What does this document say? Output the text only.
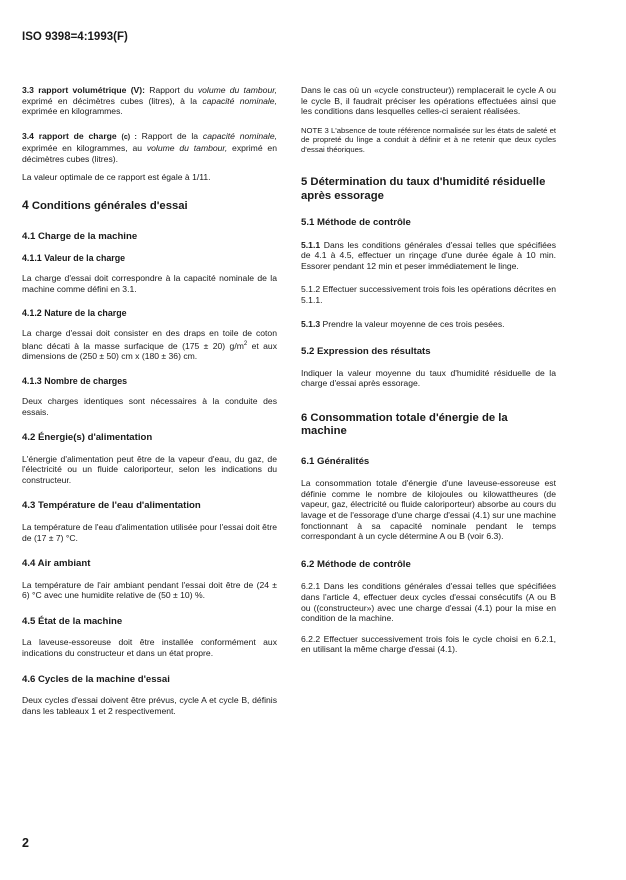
ISO 9398=4:1993(F)

3.3 rapport volumétrique (V): Rapport du volume du tambour, exprimé en décimètres cubes (litres), à la capacité nominale, exprimée en kilogrammes.

3.4 rapport de charge (c) : Rapport de la capacité nominale, exprimée en kilogrammes, au volume du tambour, exprimé en décimètres cubes (litres).

La valeur optimale de ce rapport est égale à 1/11.

4 Conditions générales d'essai
4.1 Charge de la machine
4.1.1 Valeur de la charge

La charge d'essai doit correspondre à la capacité nominale de la machine comme défini en 3.1.

4.1.2 Nature de la charge

La charge d'essai doit consister en des draps en toile de coton blanc décati à la masse surfacique de (175 ± 20) $g/m^2$ et aux dimensions de (250 ± 50) cm x (180 ± 36) cm.

4.1.3 Nombre de charges

Deux charges identiques sont nécessaires à la conduite des essais.

4.2 Énergie(s) d'alimentation

L'énergie d'alimentation peut être de la vapeur d'eau, du gaz, de l'électricité ou un fluide caloriporteur, selon les indications du constructeur.

4.3 Température de l'eau d'alimentation

La température de l'eau d'alimentation utilisée pour l'essai doit être de (17 ± 7) °C.

4.4 Air ambiant

La température de l'air ambiant pendant l'essai doit être de (24 ± 6) °C avec une humidite relative de (50 ± 10) %.

4.5 État de la machine

La laveuse-essoreuse doit être installée conformément aux indications du constructeur et dans un état propre.

4.6 Cycles de la machine d'essai

Deux cycles d'essai doivent être prévus, cycle A et cycle B, définis dans les tableaux 1 et 2 respectivement.

Dans le cas où un «cycle constructeur)) remplacerait le cycle A ou le cycle B, il faudrait préciser les opérations effectuées ainsi que les conditions dans lesquelles celles-ci seraient réalisées.

NOTE 3 L'absence de toute référence normalisée sur les états de saleté et de propreté du linge a conduit à définir et à ne retenir que deux cycles d'essai théoriques.

5 Détermination du taux d'humidité résiduelle après essorage
5.1 Méthode de contrôle

5.1.1 Dans les conditions générales d'essai telles que spécifiées de 4.1 à 4.5, effectuer un rinçage d'une durée égale à 10 min. Essorer pendant 12 min et peser immédiatement le linge.

5.1.2 Effectuer successivement trois fois les opérations décrites en 5.1.1.

5.1.3 Prendre la valeur moyenne de ces trois pesées.

5.2 Expression des résultats

Indiquer la valeur moyenne du taux d'humidité résiduelle de la charge d'essai après essorage.

6 Consommation totale d'énergie de la machine
6.1 Généralités

La consommation totale d'énergie d'une laveuse-essoreuse est définie comme le nombre de kilojoules ou kilowattheures (de vapeur, gaz, électricité ou fluide caloriporteur) absorbe au cours du lavage et de l'essorage d'une charge d'essai (4.1) sur une machine fonctionnant à sa capacité nominale pendant le temps correspondant à un cycle détermine A ou B (voir 6.3).

6.2 Méthode de contrôle

6.2.1 Dans les conditions générales d'essai telles que spécifiées dans l'article 4, effectuer deux cycles d'essai consécutifs (A ou B ou ((constructeur») avec une charge d'essai (4.1) pour la mise en condition de la machine.

6.2.2 Effectuer successivement trois fois le cycle choisi en 6.2.1, en utilisant la même charge d'essai (4.1).

2
